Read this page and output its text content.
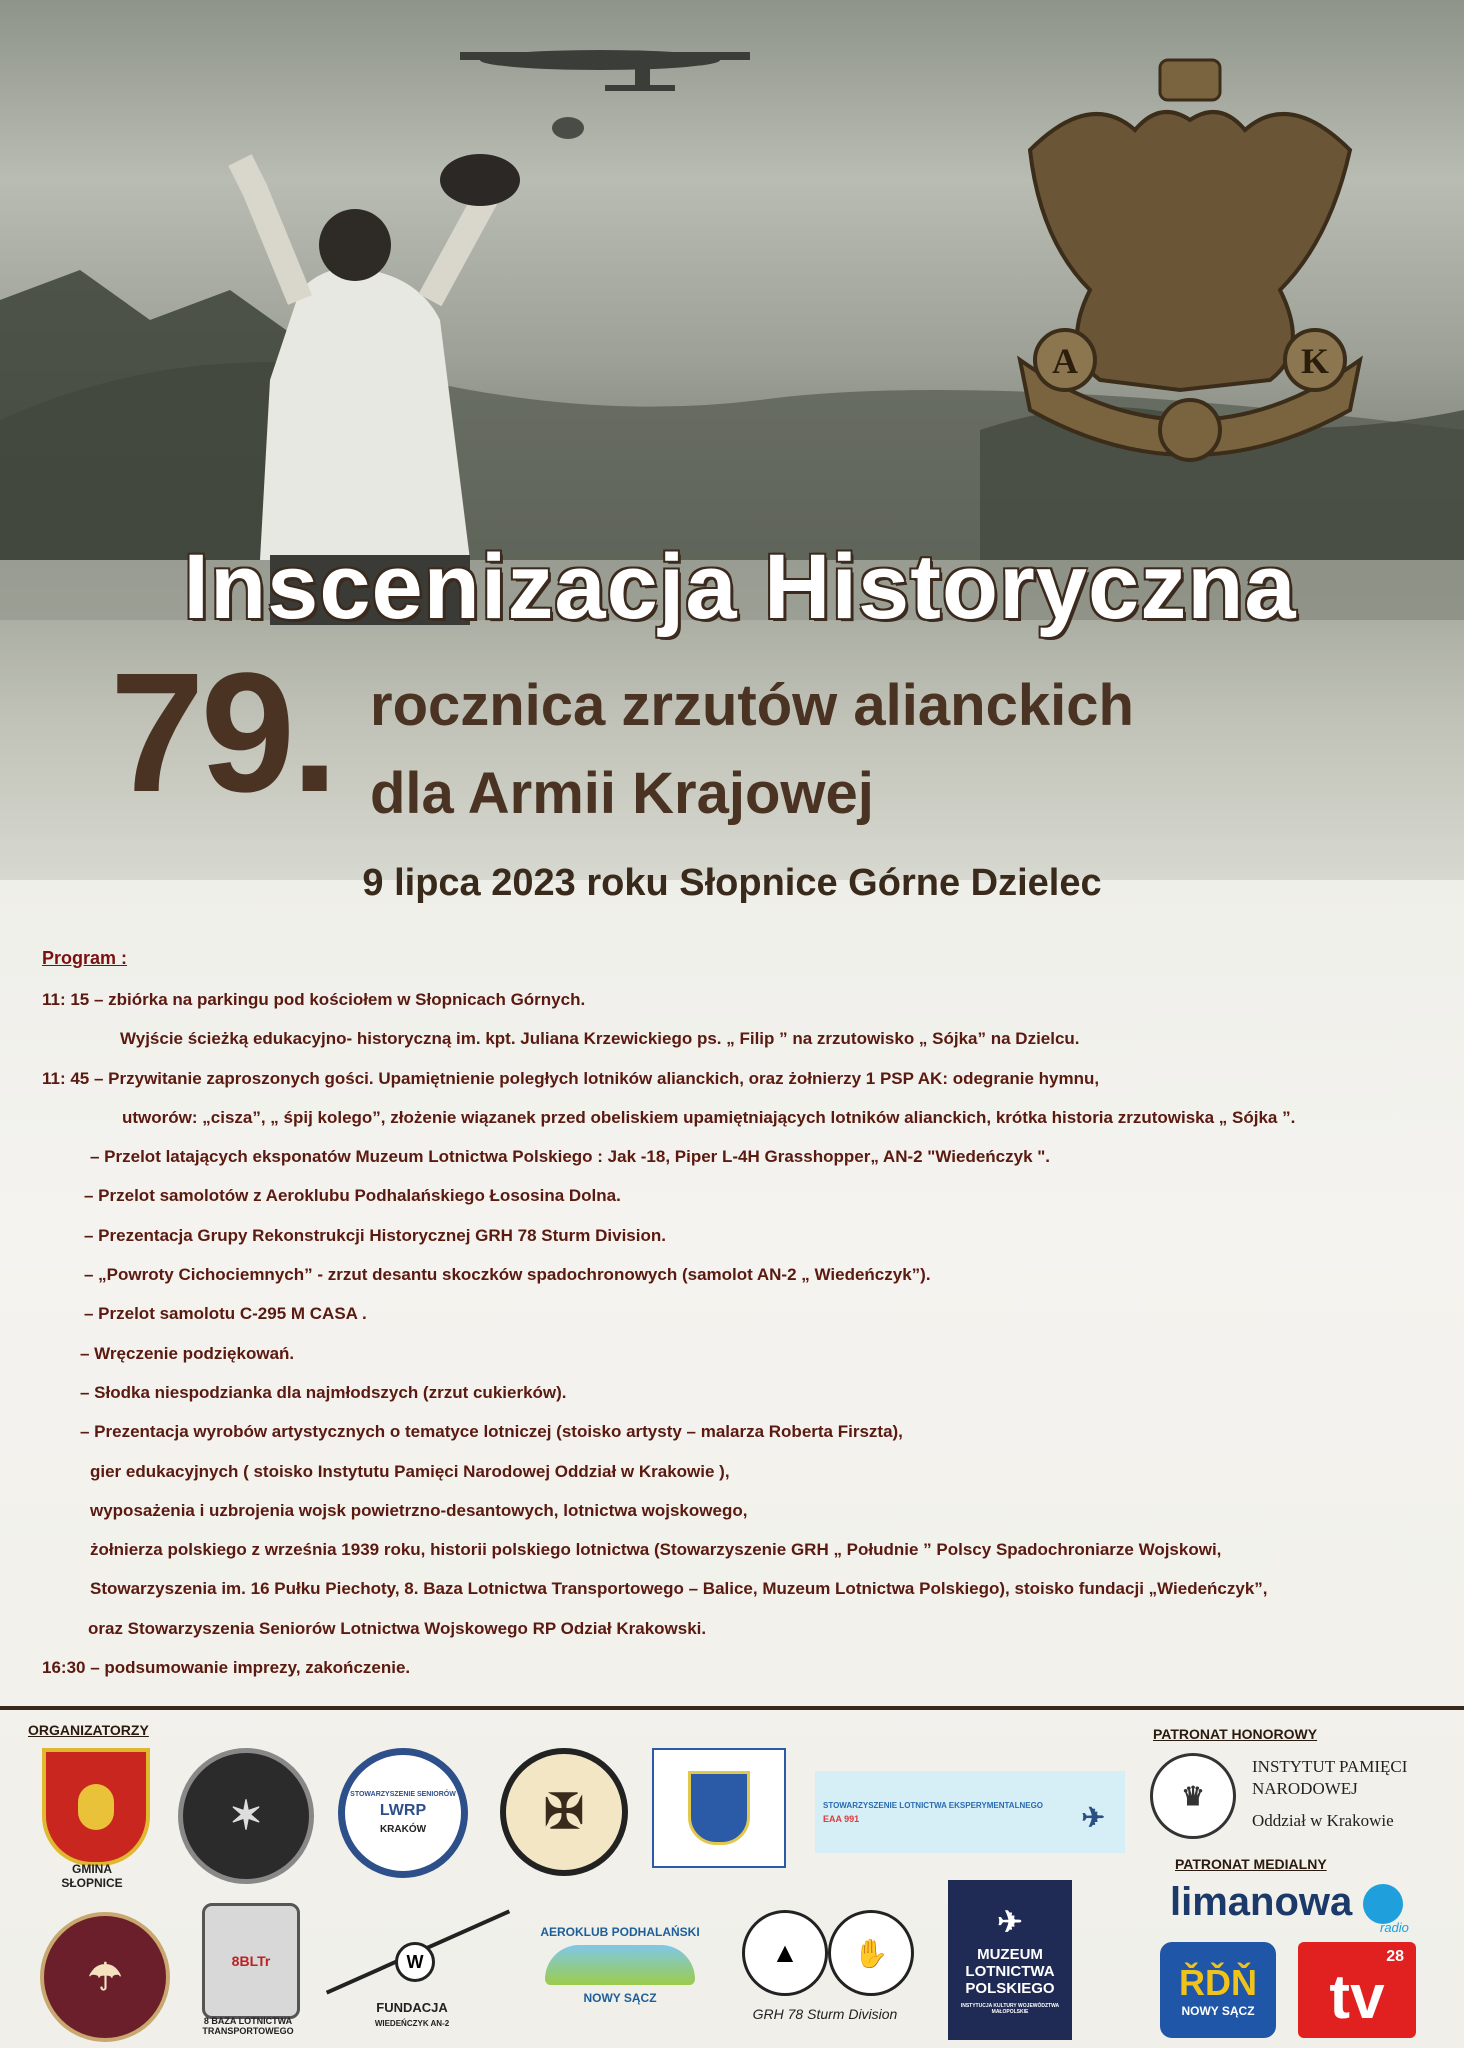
A	K
Inscenizacja Historyczna
79. rocznica zrzutów alianckich
dla Armii Krajowej
9 lipca 2023 roku Słopnice Górne Dzielec
Program :
11: 15 – zbiórka na parkingu pod kościołem w Słopnicach Górnych.
Wyjście ścieżką edukacyjno- historyczną im. kpt. Juliana Krzewickiego ps. „ Filip ” na zrzutowisko „ Sójka” na Dzielcu.
11: 45 – Przywitanie zaproszonych gości. Upamiętnienie poległych lotników alianckich, oraz żołnierzy 1 PSP AK: odegranie hymnu,
utworów: „cisza”, „ śpij kolego”, złożenie wiązanek przed obeliskiem upamiętniających lotników alianckich, krótka historia zrzutowiska „ Sójka ”.
– Przelot latających eksponatów Muzeum Lotnictwa Polskiego : Jak -18, Piper L-4H Grasshopper„ AN-2 "Wiedeńczyk ".
– Przelot samolotów z Aeroklubu Podhalańskiego Łososina Dolna.
– Prezentacja Grupy Rekonstrukcji Historycznej GRH 78 Sturm Division.
– „Powroty Cichociemnych” - zrzut desantu skoczków spadochronowych (samolot AN-2 „ Wiedeńczyk”).
– Przelot samolotu C-295 M CASA .
– Wręczenie podziękowań.
– Słodka niespodzianka dla najmłodszych (zrzut cukierków).
– Prezentacja wyrobów artystycznych o tematyce lotniczej (stoisko artysty – malarza Roberta Firszta),
gier edukacyjnych ( stoisko Instytutu Pamięci Narodowej Oddział w Krakowie ),
wyposażenia i uzbrojenia wojsk powietrzno-desantowych, lotnictwa wojskowego,
żołnierza polskiego z września 1939 roku, historii polskiego lotnictwa (Stowarzyszenie GRH „ Południe ” Polscy Spadochroniarze Wojskowi,
Stowarzyszenia im. 16 Pułku Piechoty, 8. Baza Lotnictwa Transportowego – Balice, Muzeum Lotnictwa Polskiego), stoisko fundacji „Wiedeńczyk”,
oraz Stowarzyszenia Seniorów Lotnictwa Wojskowego RP Odział Krakowski.
16:30 – podsumowanie imprezy, zakończenie.
ORGANIZATORZY	PATRONAT HONOROWY
PATRONAT MEDIALNY
GMINA
SŁOPNICE
✶	STOWARZYSZENIE SENIORÓW
LWRP
KRAKÓW ✠	STOWARZYSZENIE LOTNICTWA EKSPERYMENTALNEGO
EAA 991	✈
♛
INSTYTUT PAMIĘCI
NARODOWEJ
Oddział w Krakowie
☂	8BLTr
8 BAZA LOTNICTWA
TRANSPORTOWEGO
W
FUNDACJA
WIEDEŃCZYK AN-2
AEROKLUB PODHALAŃSKI
NOWY SĄCZ
▲ ✋
GRH 78 Sturm Division
✈
MUZEUM
LOTNICTWA
POLSKIEGO
INSTYTUCJA KULTURY WOJEWÓDZTWA MAŁOPOLSKIE
limanowa
radio
ŘĎŇ
NOWY SĄCZ
28
tv
